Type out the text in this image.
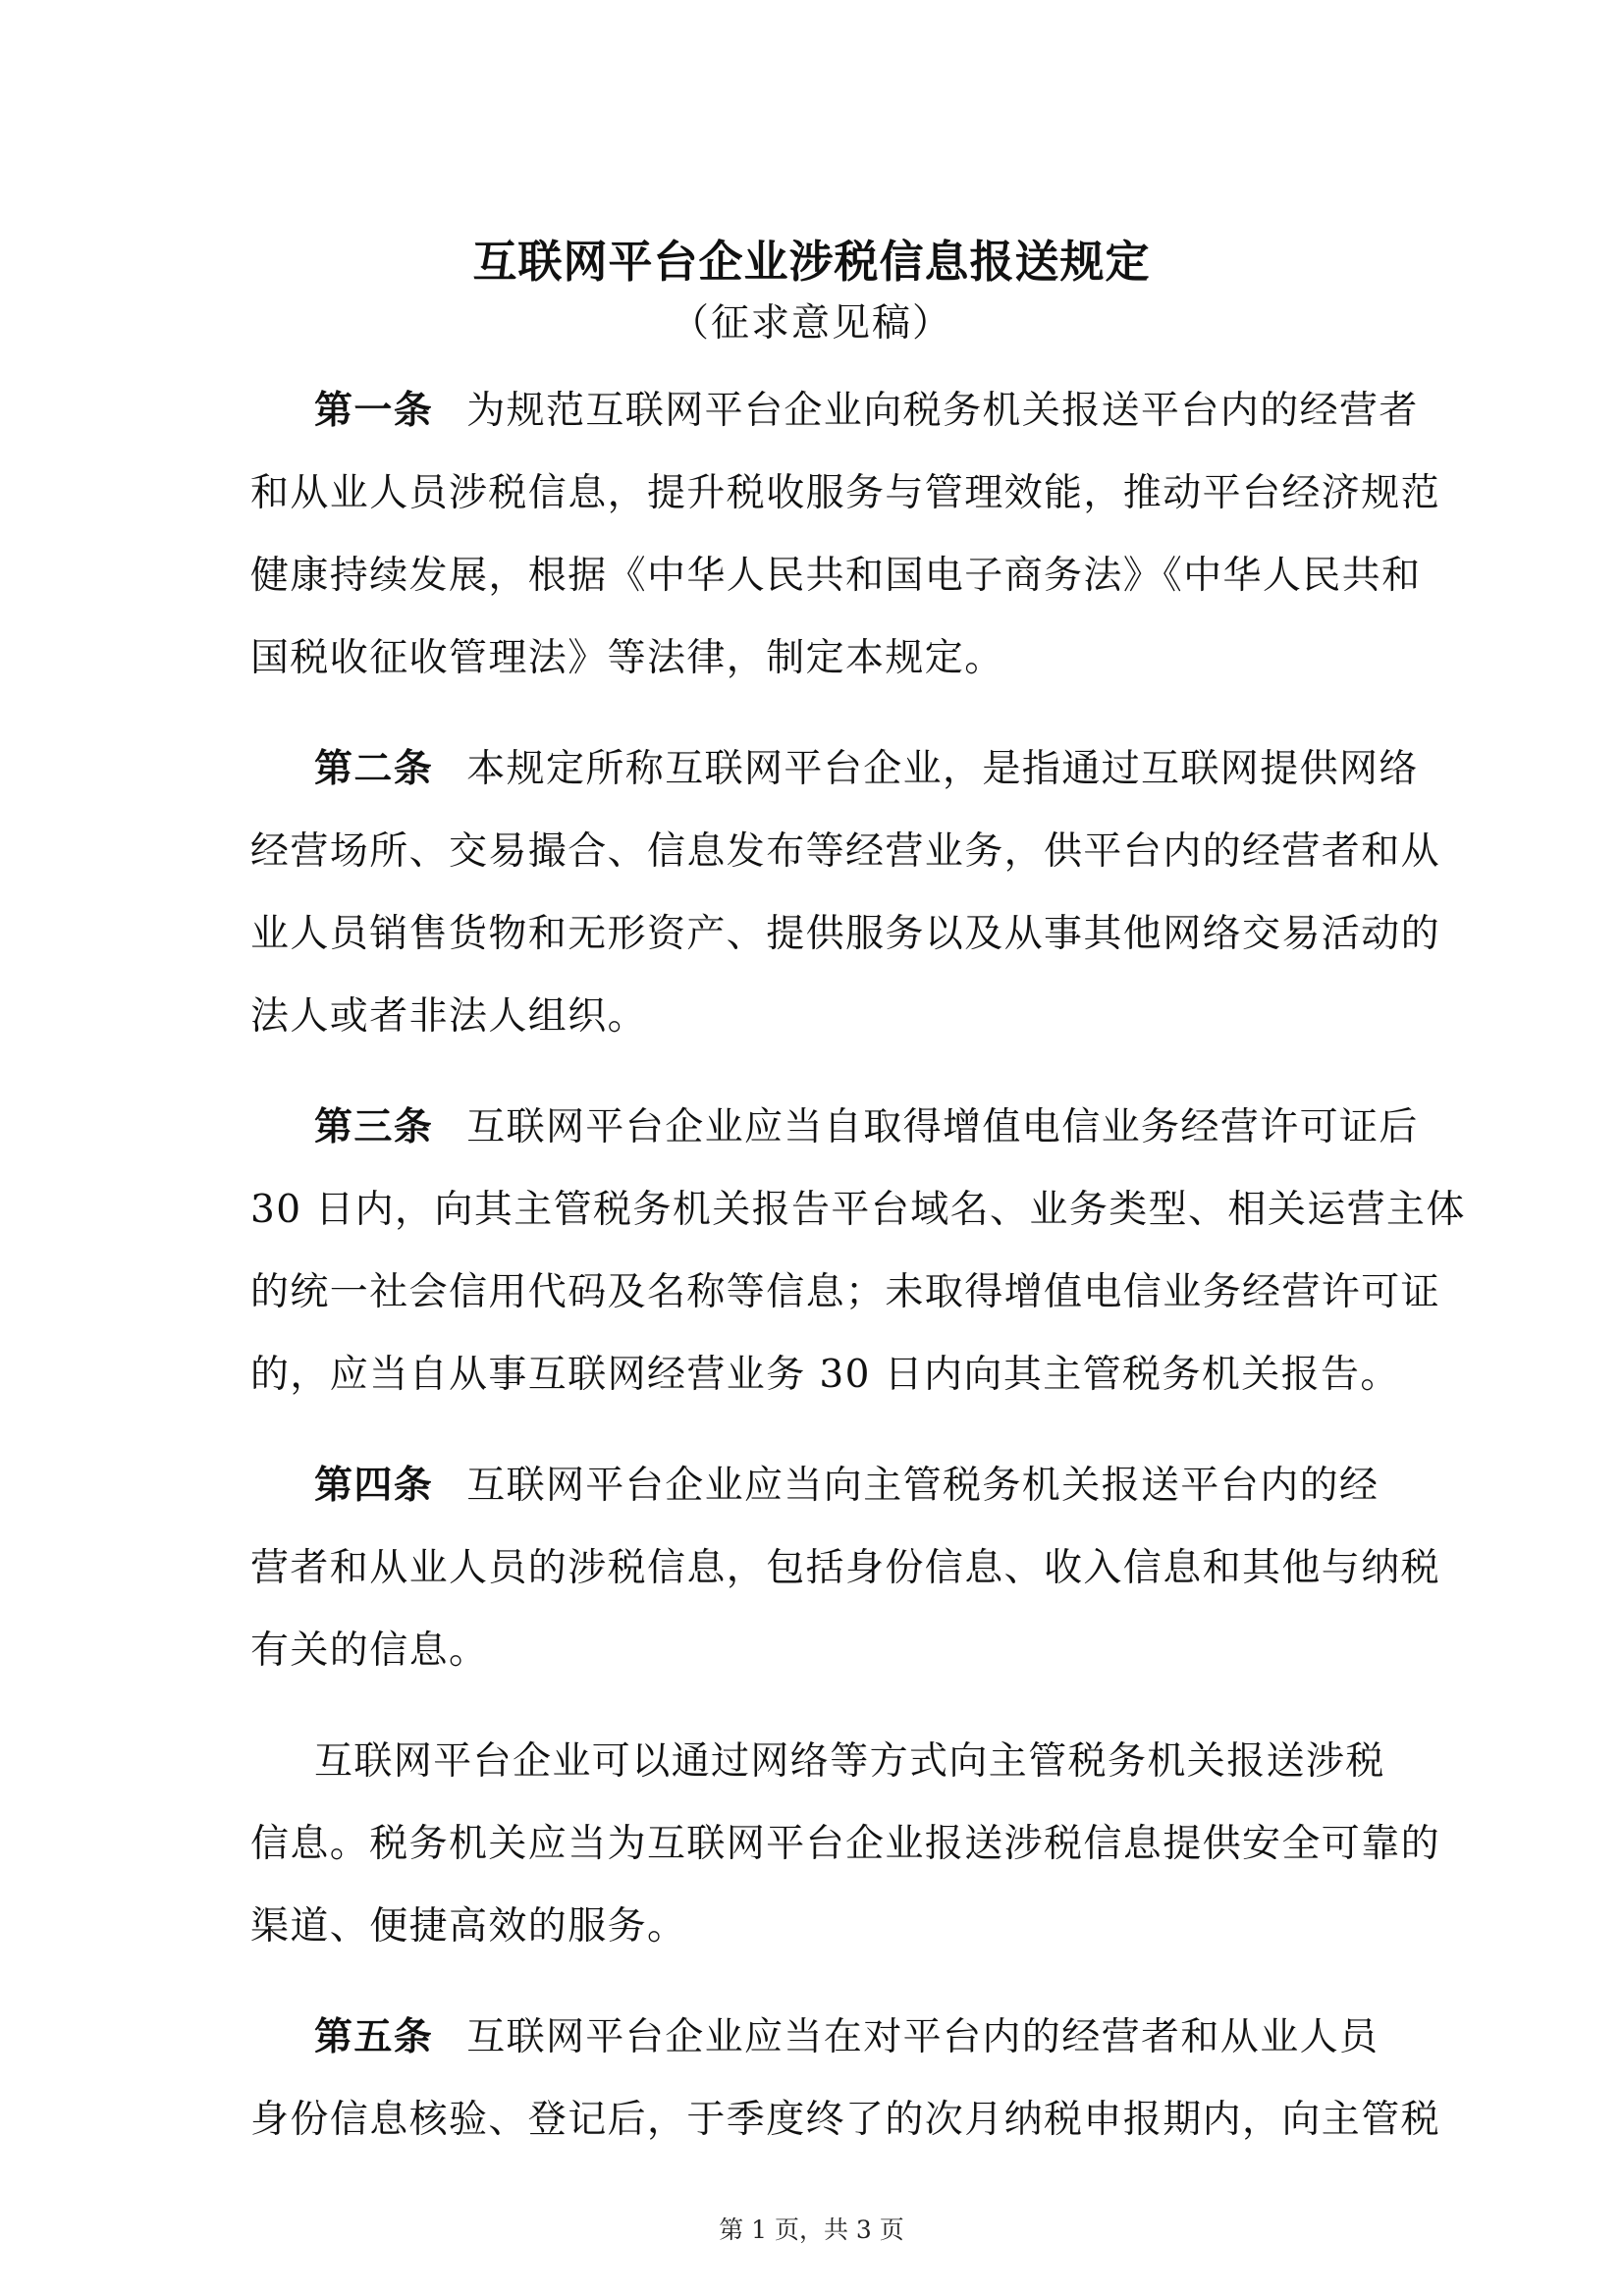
互联网平台企业涉税信息报送规定
（征求意见稿）

第一条 为规范互联网平台企业向税务机关报送平台内的经营者
和从业人员涉税信息，提升税收服务与管理效能，推动平台经济规范
健康持续发展，根据《中华人民共和国电子商务法》《中华人民共和
国税收征收管理法》等法律，制定本规定。

第二条 本规定所称互联网平台企业，是指通过互联网提供网络
经营场所、交易撮合、信息发布等经营业务，供平台内的经营者和从
业人员销售货物和无形资产、提供服务以及从事其他网络交易活动的
法人或者非法人组织。

第三条 互联网平台企业应当自取得增值电信业务经营许可证后
30 日内，向其主管税务机关报告平台域名、业务类型、相关运营主体
的统一社会信用代码及名称等信息；未取得增值电信业务经营许可证
的，应当自从事互联网经营业务 30 日内向其主管税务机关报告。

第四条 互联网平台企业应当向主管税务机关报送平台内的经
营者和从业人员的涉税信息，包括身份信息、收入信息和其他与纳税
有关的信息。

互联网平台企业可以通过网络等方式向主管税务机关报送涉税
信息。税务机关应当为互联网平台企业报送涉税信息提供安全可靠的
渠道、便捷高效的服务。

第五条 互联网平台企业应当在对平台内的经营者和从业人员
身份信息核验、登记后，于季度终了的次月纳税申报期内，向主管税

第 1 页，共 3 页
